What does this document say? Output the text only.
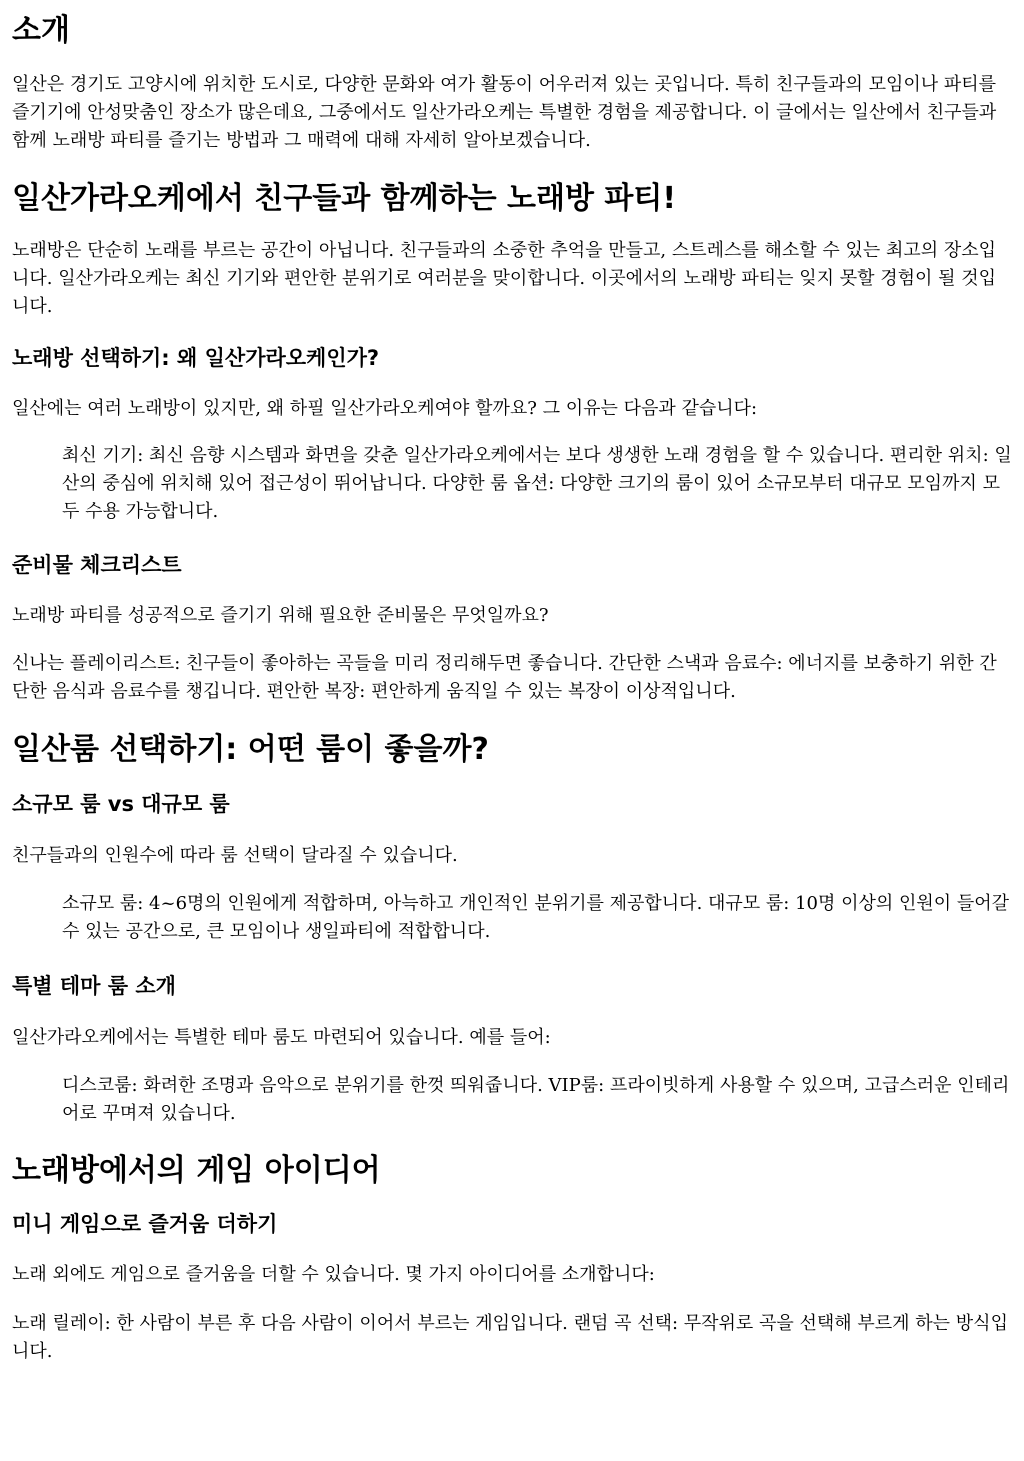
소개

일산은 경기도 고양시에 위치한 도시로, 다양한 문화와 여가 활동이 어우러져 있는 곳입니다. 특히 친구들과의 모임이나 파티를 즐기기에 안성맞춤인 장소가 많은데요, 그중에서도 일산가라오케는 특별한 경험을 제공합니다. 이 글에서는 일산에서 친구들과 함께 노래방 파티를 즐기는 방법과 그 매력에 대해 자세히 알아보겠습니다.

일산가라오케에서 친구들과 함께하는 노래방 파티!

노래방은 단순히 노래를 부르는 공간이 아닙니다. 친구들과의 소중한 추억을 만들고, 스트레스를 해소할 수 있는 최고의 장소입니다. 일산가라오케는 최신 기기와 편안한 분위기로 여러분을 맞이합니다. 이곳에서의 노래방 파티는 잊지 못할 경험이 될 것입니다.

노래방 선택하기: 왜 일산가라오케인가?

일산에는 여러 노래방이 있지만, 왜 하필 일산가라오케여야 할까요? 그 이유는 다음과 같습니다:

최신 기기: 최신 음향 시스템과 화면을 갖춘 일산가라오케에서는 보다 생생한 노래 경험을 할 수 있습니다. 편리한 위치: 일산의 중심에 위치해 있어 접근성이 뛰어납니다. 다양한 룸 옵션: 다양한 크기의 룸이 있어 소규모부터 대규모 모임까지 모두 수용 가능합니다.
준비물 체크리스트

노래방 파티를 성공적으로 즐기기 위해 필요한 준비물은 무엇일까요?

신나는 플레이리스트: 친구들이 좋아하는 곡들을 미리 정리해두면 좋습니다. 간단한 스낵과 음료수: 에너지를 보충하기 위한 간단한 음식과 음료수를 챙깁니다. 편안한 복장: 편안하게 움직일 수 있는 복장이 이상적입니다.

일산룸 선택하기: 어떤 룸이 좋을까?
소규모 룸 vs 대규모 룸

친구들과의 인원수에 따라 룸 선택이 달라질 수 있습니다.

소규모 룸: 4~6명의 인원에게 적합하며, 아늑하고 개인적인 분위기를 제공합니다. 대규모 룸: 10명 이상의 인원이 들어갈 수 있는 공간으로, 큰 모임이나 생일파티에 적합합니다.
특별 테마 룸 소개

일산가라오케에서는 특별한 테마 룸도 마련되어 있습니다. 예를 들어:

디스코룸: 화려한 조명과 음악으로 분위기를 한껏 띄워줍니다. VIP룸: 프라이빗하게 사용할 수 있으며, 고급스러운 인테리어로 꾸며져 있습니다.
노래방에서의 게임 아이디어
미니 게임으로 즐거움 더하기

노래 외에도 게임으로 즐거움을 더할 수 있습니다. 몇 가지 아이디어를 소개합니다:

노래 릴레이: 한 사람이 부른 후 다음 사람이 이어서 부르는 게임입니다. 랜덤 곡 선택: 무작위로 곡을 선택해 부르게 하는 방식입니다.
